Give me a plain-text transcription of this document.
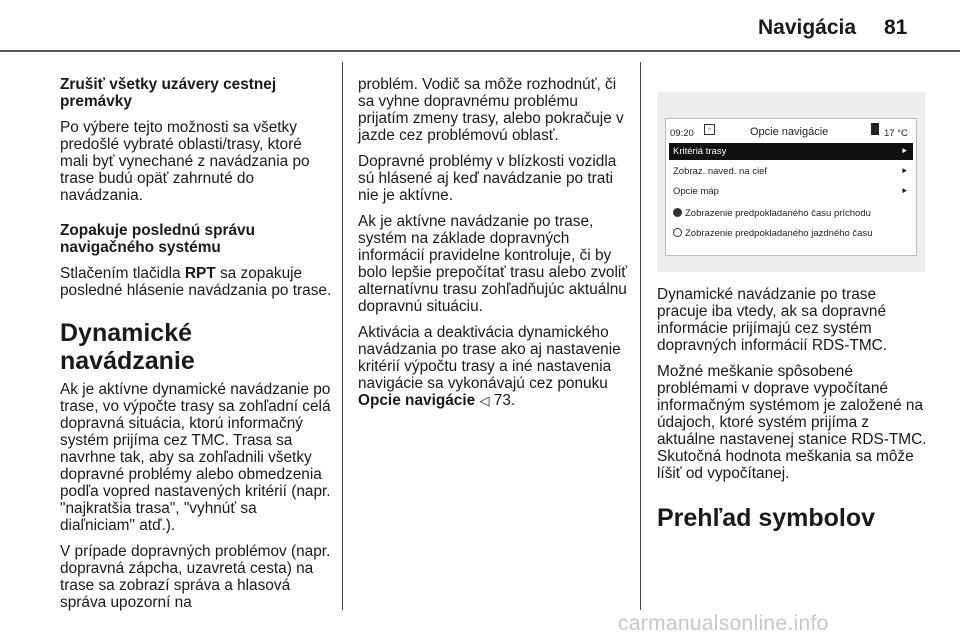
Navigácia 81

Zrušiť všetky uzávery cestnej premávky

Po výbere tejto možnosti sa všetky predošlé vybraté oblasti/trasy, ktoré mali byť vynechané z navádzania po trase budú opäť zahrnuté do navádzania.

Zopakuje poslednú správu navigačného systému

Stlačením tlačidla RPT sa zopakuje posledné hlásenie navádzania po trase.

Dynamické navádzanie

Ak je aktívne dynamické navádzanie po trase, vo výpočte trasy sa zohľadní celá dopravná situácia, ktorú informačný systém prijíma cez TMC. Trasa sa navrhne tak, aby sa zohľadnili všetky dopravné problémy alebo obmedzenia podľa vopred nastavených kritérií (napr. "najkratšia trasa", "vyhnúť sa diaľniciam" atď.).

V prípade dopravných problémov (napr. dopravná zápcha, uzavretá cesta) na trase sa zobrazí správa a hlasová správa upozorní na

problém. Vodič sa môže rozhodnúť, či sa vyhne dopravnému problému prijatím zmeny trasy, alebo pokračuje v jazde cez problémovú oblasť.

Dopravné problémy v blízkosti vozidla sú hlásené aj keď navádzanie po trati nie je aktívne.

Ak je aktívne navádzanie po trase, systém na základe dopravných informácií pravidelne kontroluje, či by bolo lepšie prepočítať trasu alebo zvoliť alternatívnu trasu zohľadňujúc aktuálnu dopravnú situáciu.

Aktivácia a deaktivácia dynamického navádzania po trase ako aj nastavenie kritérií výpočtu trasy a iné nastavenia navigácie sa vykonávajú cez ponuku Opcie navigácie ◁ 73.

09:20	▫	Opcie navigácie	17 °C
Kritériá trasy	⯈
Zobraz. naved. na cieľ	⯈
Opcie máp	⯈
Zobrazenie predpokladaného času príchodu
Zobrazenie predpokladaného jazdného času

Dynamické navádzanie po trase pracuje iba vtedy, ak sa dopravné informácie prijímajú cez systém dopravných informácií RDS-TMC.

Možné meškanie spôsobené problémami v doprave vypočítané informačným systémom je založené na údajoch, ktoré systém prijíma z aktuálne nastavenej stanice RDS-TMC. Skutočná hodnota meškania sa môže líšiť od vypočítanej.

Prehľad symbolov
carmanualsonline.info
